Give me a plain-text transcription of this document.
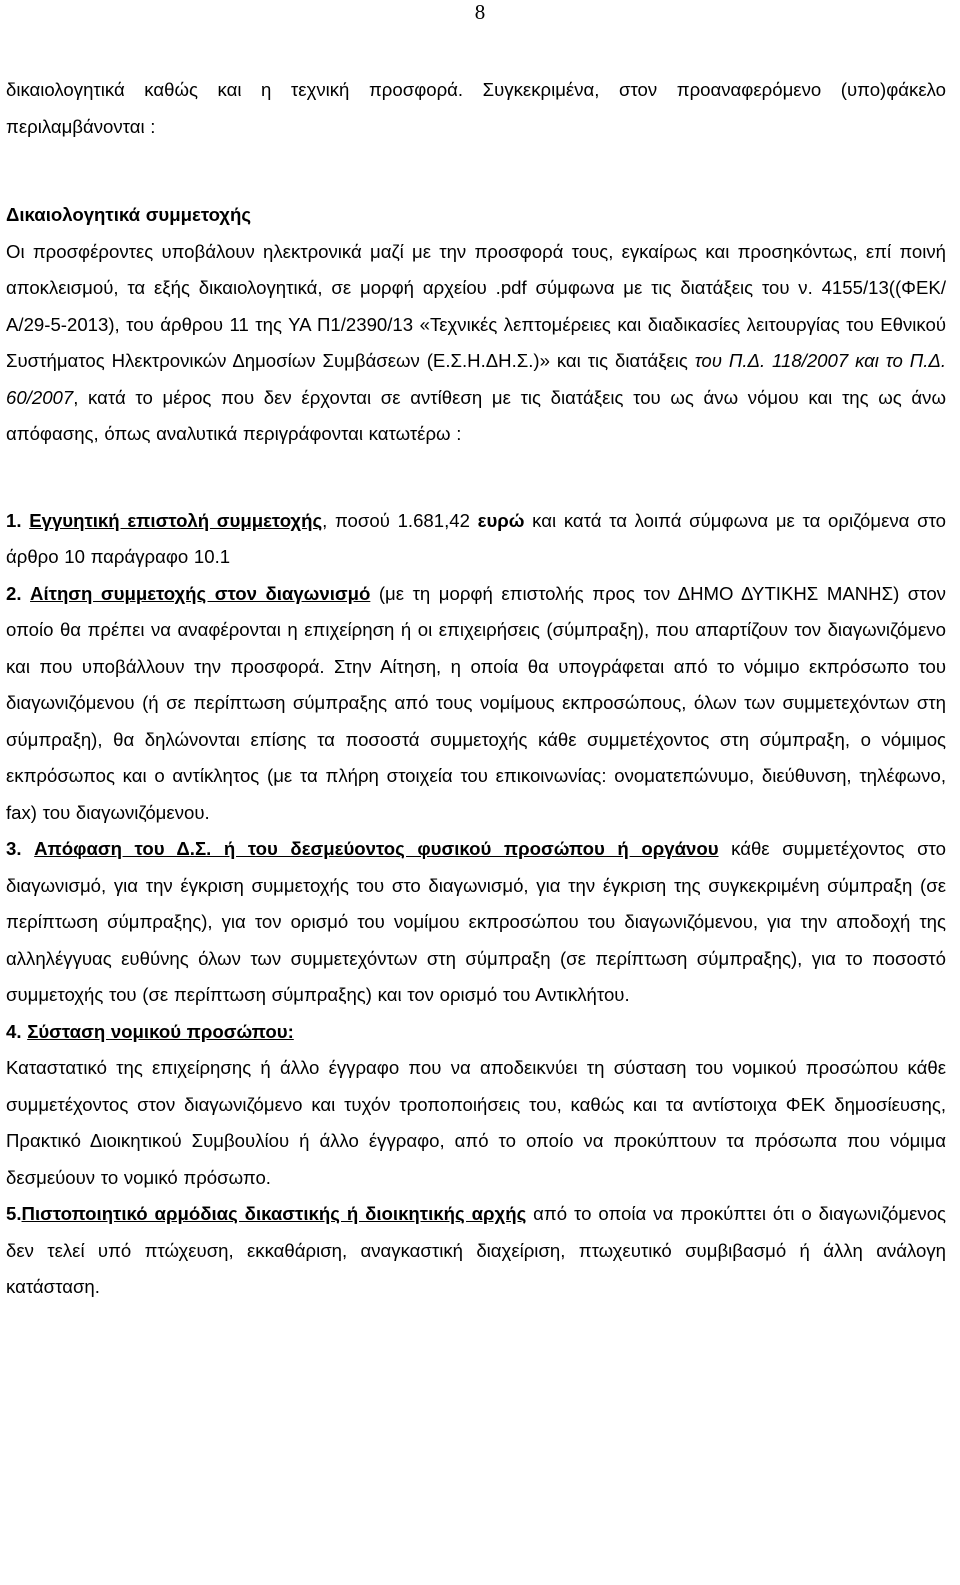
8

δικαιολογητικά καθώς και η τεχνική προσφορά. Συγκεκριμένα, στον προαναφερόμενο (υπο)φάκελο περιλαμβάνονται :

Δικαιολογητικά συμμετοχής

Οι προσφέροντες υποβάλουν ηλεκτρονικά μαζί με την προσφορά τους, εγκαίρως και προσηκόντως, επί ποινή αποκλεισμού, τα εξής δικαιολογητικά, σε μορφή αρχείου .pdf σύμφωνα με τις διατάξεις του ν. 4155/13((ΦΕΚ/Α/29-5-2013), του άρθρου 11 της ΥΑ Π1/2390/13 «Τεχνικές λεπτομέρειες και διαδικασίες λειτουργίας του Εθνικού Συστήματος Ηλεκτρονικών Δημοσίων Συμβάσεων (Ε.Σ.Η.ΔΗ.Σ.)» και τις διατάξεις του Π.Δ. 118/2007 και το Π.Δ. 60/2007, κατά το μέρος που δεν έρχονται σε αντίθεση με τις διατάξεις του ως άνω νόμου και της ως άνω απόφασης, όπως αναλυτικά περιγράφονται κατωτέρω :

1. Εγγυητική επιστολή συμμετοχής, ποσού 1.681,42 ευρώ και κατά τα λοιπά σύμφωνα με τα οριζόμενα στο άρθρο 10 παράγραφο 10.1

2. Αίτηση συμμετοχής στον διαγωνισμό (με τη μορφή επιστολής προς τον ΔΗΜΟ ΔΥΤΙΚΗΣ ΜΑΝΗΣ) στον οποίο θα πρέπει να αναφέρονται η επιχείρηση ή οι επιχειρήσεις (σύμπραξη), που απαρτίζουν τον διαγωνιζόμενο και που υποβάλλουν την προσφορά. Στην Αίτηση, η οποία θα υπογράφεται από το νόμιμο εκπρόσωπο του διαγωνιζόμενου (ή σε περίπτωση σύμπραξης από τους νομίμους εκπροσώπους, όλων των συμμετεχόντων στη σύμπραξη), θα δηλώνονται επίσης τα ποσοστά συμμετοχής κάθε συμμετέχοντος στη σύμπραξη, ο νόμιμος εκπρόσωπος και ο αντίκλητος (με τα πλήρη στοιχεία του επικοινωνίας: ονοματεπώνυμο, διεύθυνση, τηλέφωνο, fax) του διαγωνιζόμενου.

3. Απόφαση του Δ.Σ. ή του δεσμεύοντος φυσικού προσώπου ή οργάνου κάθε συμμετέχοντος στο διαγωνισμό, για την έγκριση συμμετοχής του στο διαγωνισμό, για την έγκριση της συγκεκριμένη σύμπραξη (σε περίπτωση σύμπραξης), για τον ορισμό του νομίμου εκπροσώπου του διαγωνιζόμενου, για την αποδοχή της αλληλέγγυας ευθύνης όλων των συμμετεχόντων στη σύμπραξη (σε περίπτωση σύμπραξης), για το ποσοστό συμμετοχής του (σε περίπτωση σύμπραξης) και τον ορισμό του Αντικλήτου.

4. Σύσταση νομικού προσώπου:

Καταστατικό της επιχείρησης ή άλλο έγγραφο που να αποδεικνύει τη σύσταση του νομικού προσώπου κάθε συμμετέχοντος στον διαγωνιζόμενο και τυχόν τροποποιήσεις του, καθώς και τα αντίστοιχα ΦΕΚ δημοσίευσης, Πρακτικό Διοικητικού Συμβουλίου ή άλλο έγγραφο, από το οποίο να προκύπτουν τα πρόσωπα που νόμιμα δεσμεύουν το νομικό πρόσωπο.

5.Πιστοποιητικό αρμόδιας δικαστικής ή διοικητικής αρχής από το οποία να προκύπτει ότι ο διαγωνιζόμενος δεν τελεί υπό πτώχευση, εκκαθάριση, αναγκαστική διαχείριση, πτωχευτικό συμβιβασμό ή άλλη ανάλογη κατάσταση.
